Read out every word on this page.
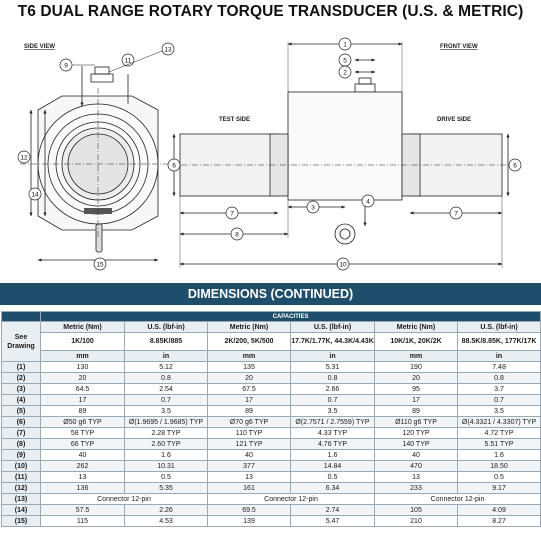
T6 DUAL RANGE ROTARY TORQUE TRANSDUCER (U.S. & METRIC)
SIDE VIEW	FRONT VIEW
TEST SIDE	DRIVE SIDE
1
2
3
4
5
6	6
7	7
8
9
10
11
12
13
14
15
DIMENSIONS (CONTINUED)
	CAPACITIES					
See Drawing	Metric (Nm)	U.S. (lbf-in)	Metric (Nm)	U.S. (lbf-in)	Metric (Nm)	U.S. (lbf-in)
	1K/100	8.85K/885	2K/200, 5K/500	17.7K/1.77K, 44.3K/4.43K	10K/1K, 20K/2K	88.5K/8.85K, 177K/17K
	mm	in	mm	in	mm	in
(1)	130	5.12	135	5.31	190	7.48
(2)	20	0.8	20	0.8	20	0.8
(3)	64.5	2.54	67.5	2.66	95	3.7
(4)	17	0.7	17	0.7	17	0.7
(5)	89	3.5	89	3.5	89	3.5
(6)	Ø50 g6 TYP	Ø(1.9695 / 1.9685) TYP	Ø70 g6 TYP	Ø(2.7571 / 2.7559) TYP	Ø110 g6 TYP	Ø(4.3321 / 4.3307) TYP
(7)	58 TYP	2.28 TYP	110 TYP	4.33 TYP	120 TYP	4.72 TYP
(8)	66 TYP	2.60 TYP	121 TYP	4.76 TYP	140 TYP	5.51 TYP
(9)	40	1.6	40	1.6	40	1.6
(10)	262	10.31	377	14.84	470	18.50
(11)	13	0.5	13	0.5	13	0.5
(12)	136	5.35	161	6.34	233	9.17
(13)	Connector 12-pin		Connector 12-pin		Connector 12-pin	
(14)	57.5	2.26	69.5	2.74	105	4.09
(15)	115	4.53	139	5.47	210	8.27
